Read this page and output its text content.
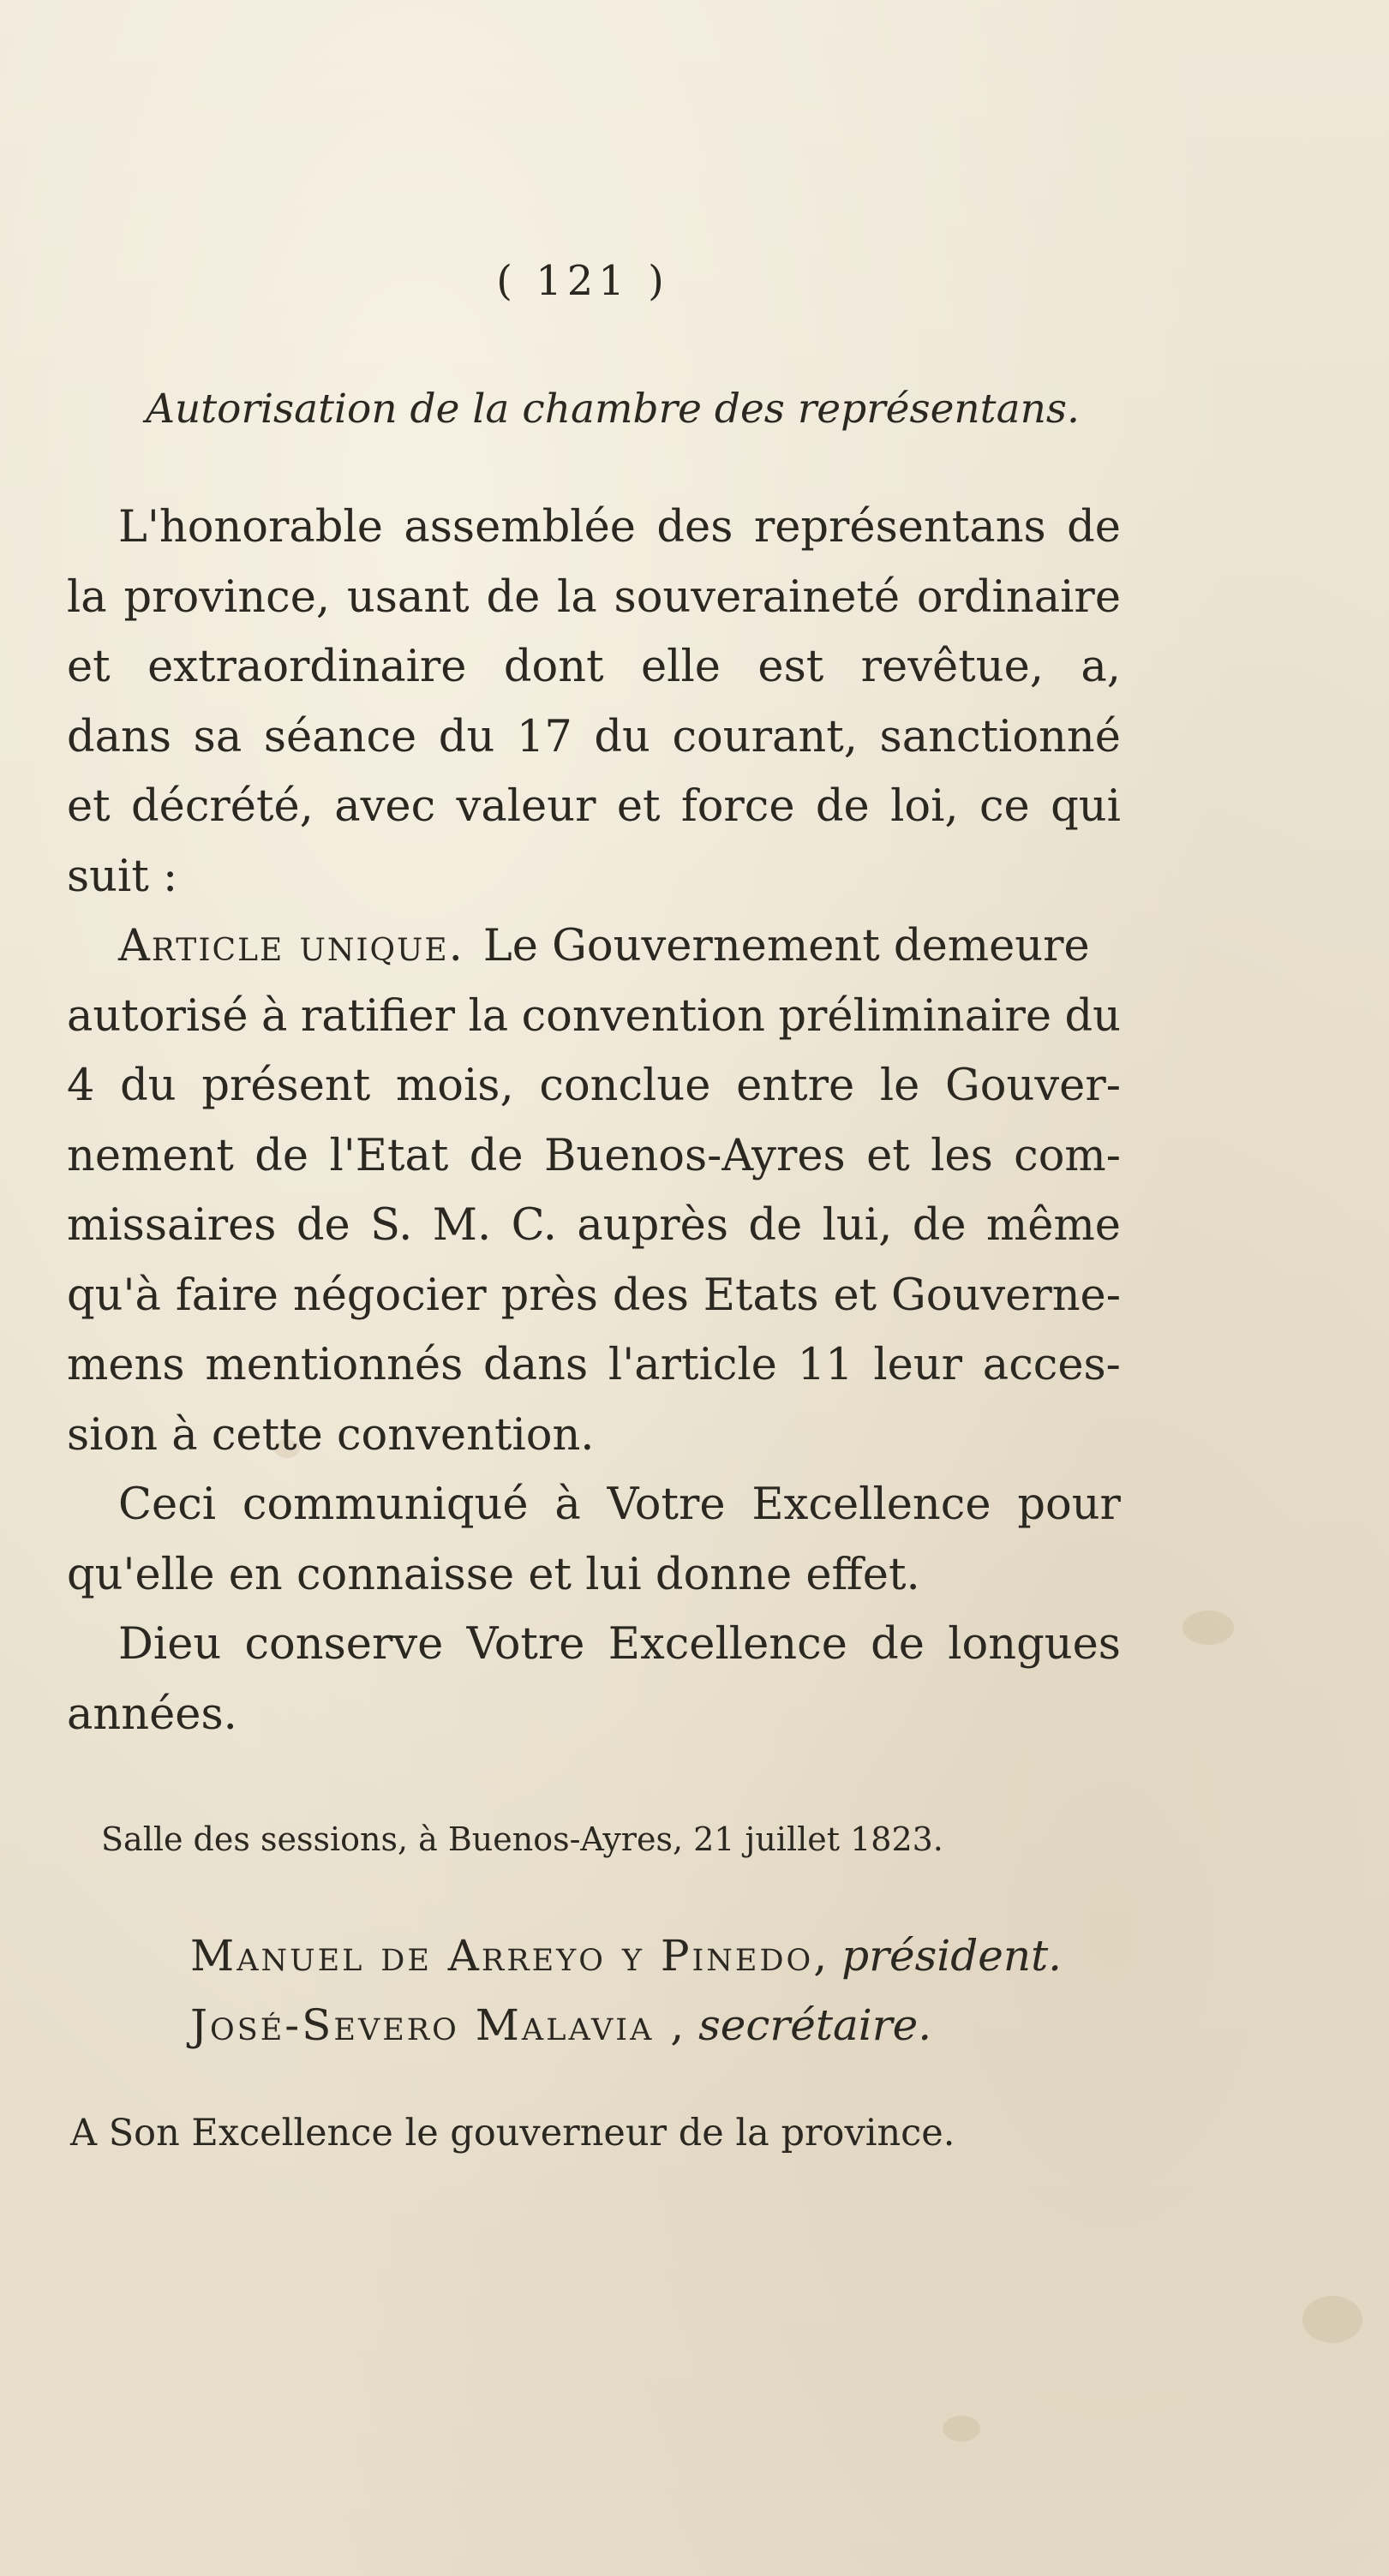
( 121 )
Autorisation de la chambre des représentans.
L'honorable assemblée des représentans de
la province, usant de la souveraineté ordinaire
et extraordinaire dont elle est revêtue, a,
dans sa séance du 17 du courant, sanctionné
et décrété, avec valeur et force de loi, ce qui
suit :
Article unique. Le Gouvernement demeure
autorisé à ratifier la convention préliminaire du
4 du présent mois, conclue entre le Gouver-
nement de l'Etat de Buenos-Ayres et les com-
missaires de S. M. C. auprès de lui, de même
qu'à faire négocier près des Etats et Gouverne-
mens mentionnés dans l'article 11 leur acces-
sion à cette convention.
Ceci communiqué à Votre Excellence pour
qu'elle en connaisse et lui donne effet.
Dieu conserve Votre Excellence de longues
années.
Salle des sessions, à Buenos-Ayres, 21 juillet 1823.
Manuel de Arreyo y Pinedo, président.
José-Severo Malavia , secrétaire.
A Son Excellence le gouverneur de la province.
